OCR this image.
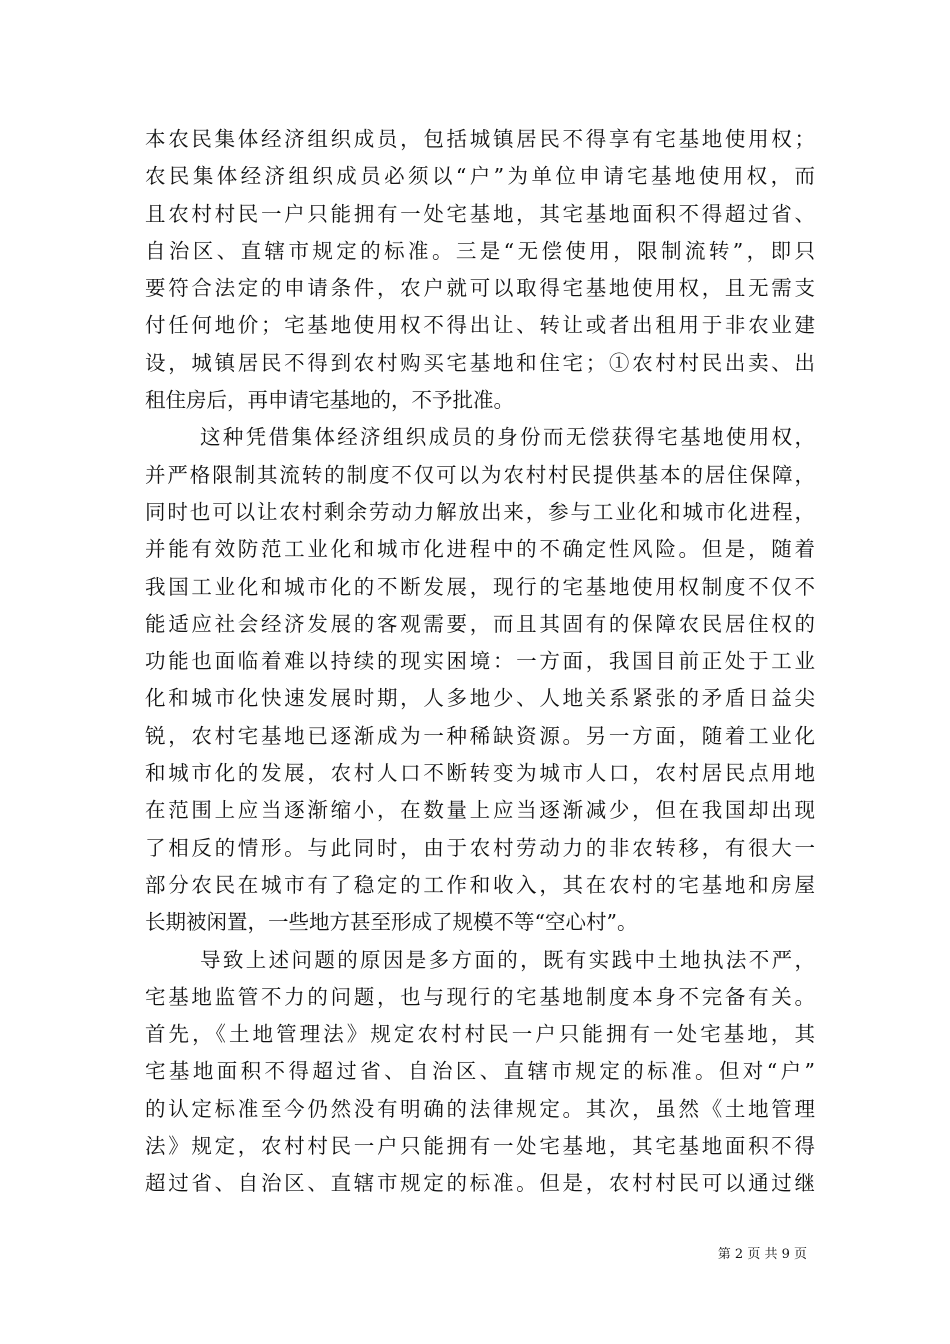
本农民集体经济组织成员，包括城镇居民不得享有宅基地使用权；
农民集体经济组织成员必须以“户”为单位申请宅基地使用权，而
且农村村民一户只能拥有一处宅基地，其宅基地面积不得超过省、
自治区、直辖市规定的标准。三是“无偿使用，限制流转”，即只
要符合法定的申请条件，农户就可以取得宅基地使用权，且无需支
付任何地价；宅基地使用权不得出让、转让或者出租用于非农业建
设，城镇居民不得到农村购买宅基地和住宅；①农村村民出卖、出
租住房后，再申请宅基地的，不予批准。
这种凭借集体经济组织成员的身份而无偿获得宅基地使用权，
并严格限制其流转的制度不仅可以为农村村民提供基本的居住保障，
同时也可以让农村剩余劳动力解放出来，参与工业化和城市化进程，
并能有效防范工业化和城市化进程中的不确定性风险。但是，随着
我国工业化和城市化的不断发展，现行的宅基地使用权制度不仅不
能适应社会经济发展的客观需要，而且其固有的保障农民居住权的
功能也面临着难以持续的现实困境：一方面，我国目前正处于工业
化和城市化快速发展时期，人多地少、人地关系紧张的矛盾日益尖
锐，农村宅基地已逐渐成为一种稀缺资源。另一方面，随着工业化
和城市化的发展，农村人口不断转变为城市人口，农村居民点用地
在范围上应当逐渐缩小，在数量上应当逐渐减少，但在我国却出现
了相反的情形。与此同时，由于农村劳动力的非农转移，有很大一
部分农民在城市有了稳定的工作和收入，其在农村的宅基地和房屋
长期被闲置，一些地方甚至形成了规模不等“空心村”。
导致上述问题的原因是多方面的，既有实践中土地执法不严，
宅基地监管不力的问题，也与现行的宅基地制度本身不完备有关。
首先，《土地管理法》规定农村村民一户只能拥有一处宅基地，其
宅基地面积不得超过省、自治区、直辖市规定的标准。但对“户”
的认定标准至今仍然没有明确的法律规定。其次，虽然《土地管理
法》规定，农村村民一户只能拥有一处宅基地，其宅基地面积不得
超过省、自治区、直辖市规定的标准。但是，农村村民可以通过继
第 2 页 共 9 页
